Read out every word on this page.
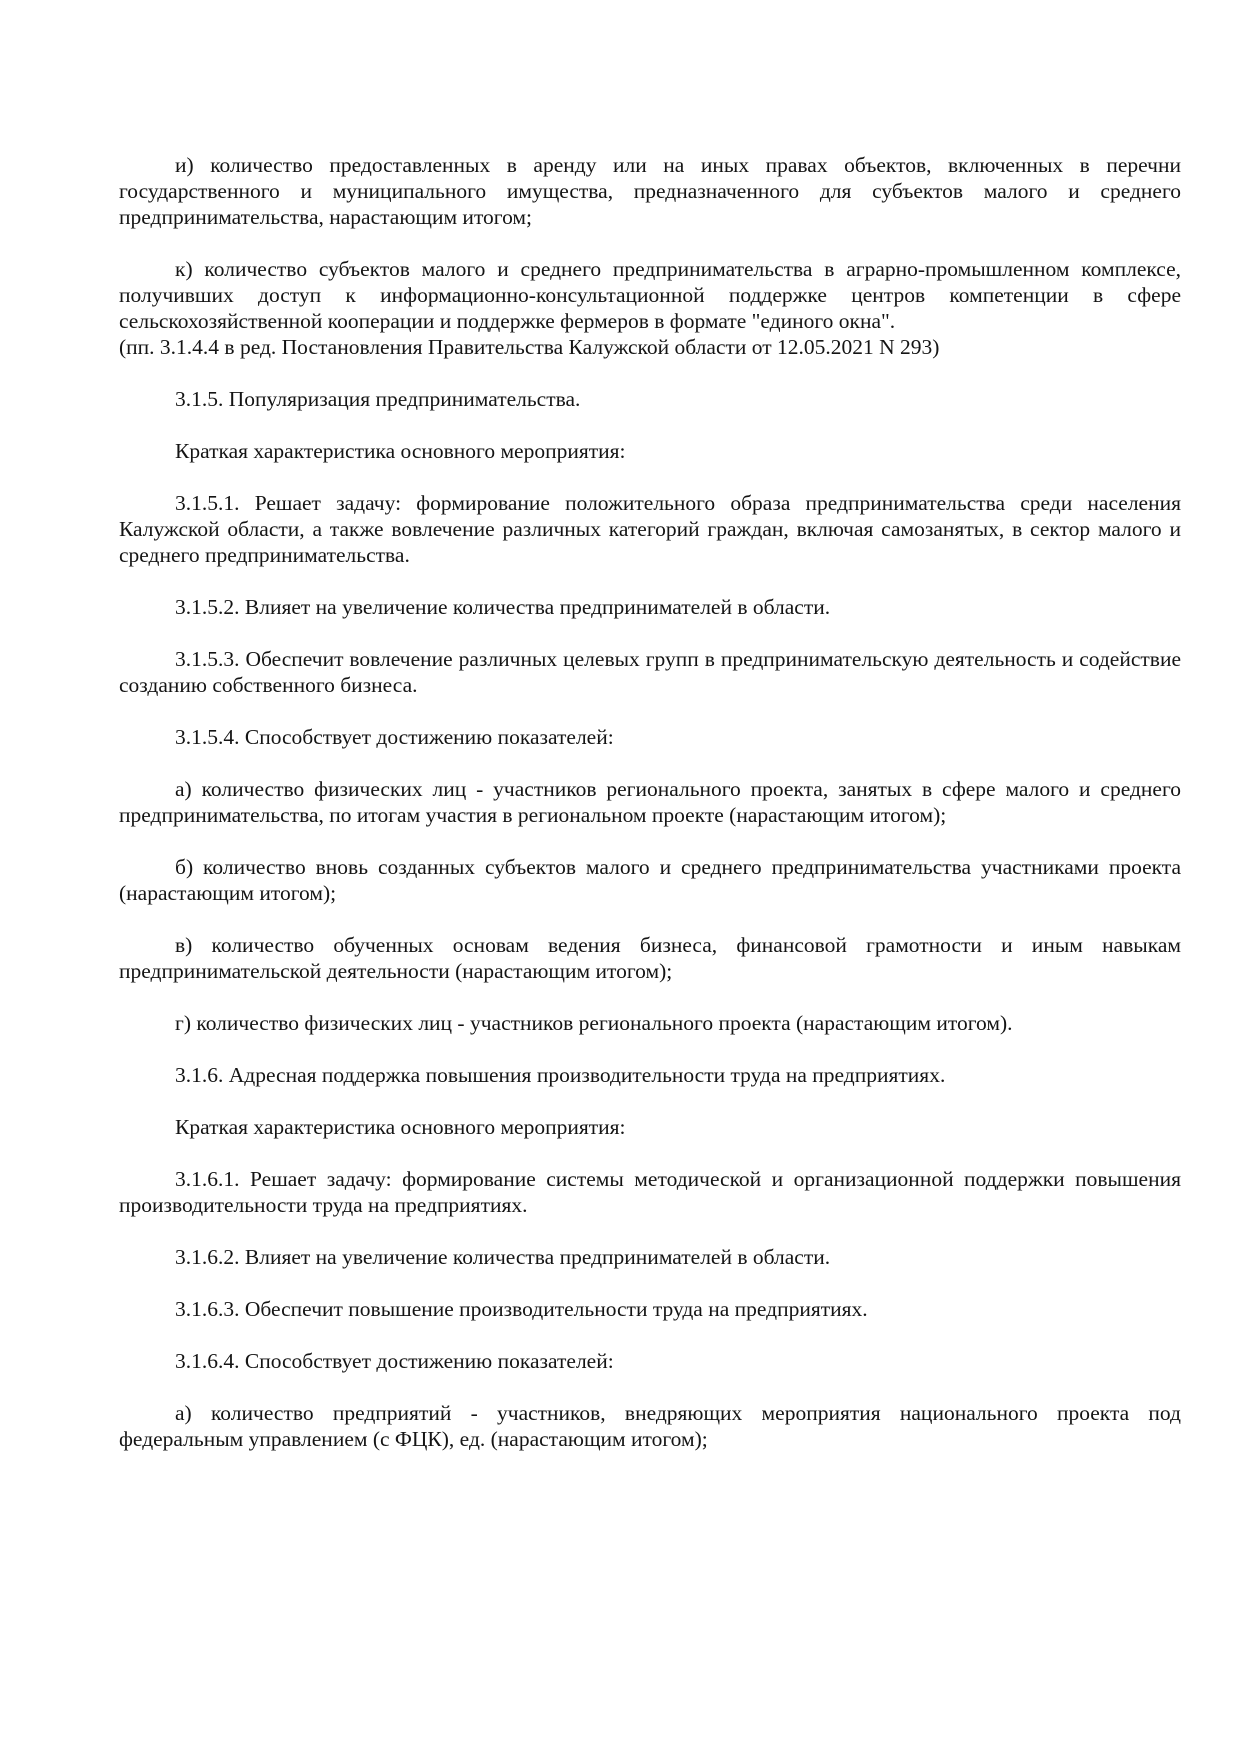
и) количество предоставленных в аренду или на иных правах объектов, включенных в перечни государственного и муниципального имущества, предназначенного для субъектов малого и среднего предпринимательства, нарастающим итогом;

к) количество субъектов малого и среднего предпринимательства в аграрно-промышленном комплексе, получивших доступ к информационно-консультационной поддержке центров компетенции в сфере сельскохозяйственной кооперации и поддержке фермеров в формате "единого окна".

(пп. 3.1.4.4 в ред. Постановления Правительства Калужской области от 12.05.2021 N 293)

3.1.5. Популяризация предпринимательства.

Краткая характеристика основного мероприятия:

3.1.5.1. Решает задачу: формирование положительного образа предпринимательства среди населения Калужской области, а также вовлечение различных категорий граждан, включая самозанятых, в сектор малого и среднего предпринимательства.

3.1.5.2. Влияет на увеличение количества предпринимателей в области.

3.1.5.3. Обеспечит вовлечение различных целевых групп в предпринимательскую деятельность и содействие созданию собственного бизнеса.

3.1.5.4. Способствует достижению показателей:

а) количество физических лиц - участников регионального проекта, занятых в сфере малого и среднего предпринимательства, по итогам участия в региональном проекте (нарастающим итогом);

б) количество вновь созданных субъектов малого и среднего предпринимательства участниками проекта (нарастающим итогом);

в) количество обученных основам ведения бизнеса, финансовой грамотности и иным навыкам предпринимательской деятельности (нарастающим итогом);

г) количество физических лиц - участников регионального проекта (нарастающим итогом).

3.1.6. Адресная поддержка повышения производительности труда на предприятиях.

Краткая характеристика основного мероприятия:

3.1.6.1. Решает задачу: формирование системы методической и организационной поддержки повышения производительности труда на предприятиях.

3.1.6.2. Влияет на увеличение количества предпринимателей в области.

3.1.6.3. Обеспечит повышение производительности труда на предприятиях.

3.1.6.4. Способствует достижению показателей:

а) количество предприятий - участников, внедряющих мероприятия национального проекта под федеральным управлением (с ФЦК), ед. (нарастающим итогом);
